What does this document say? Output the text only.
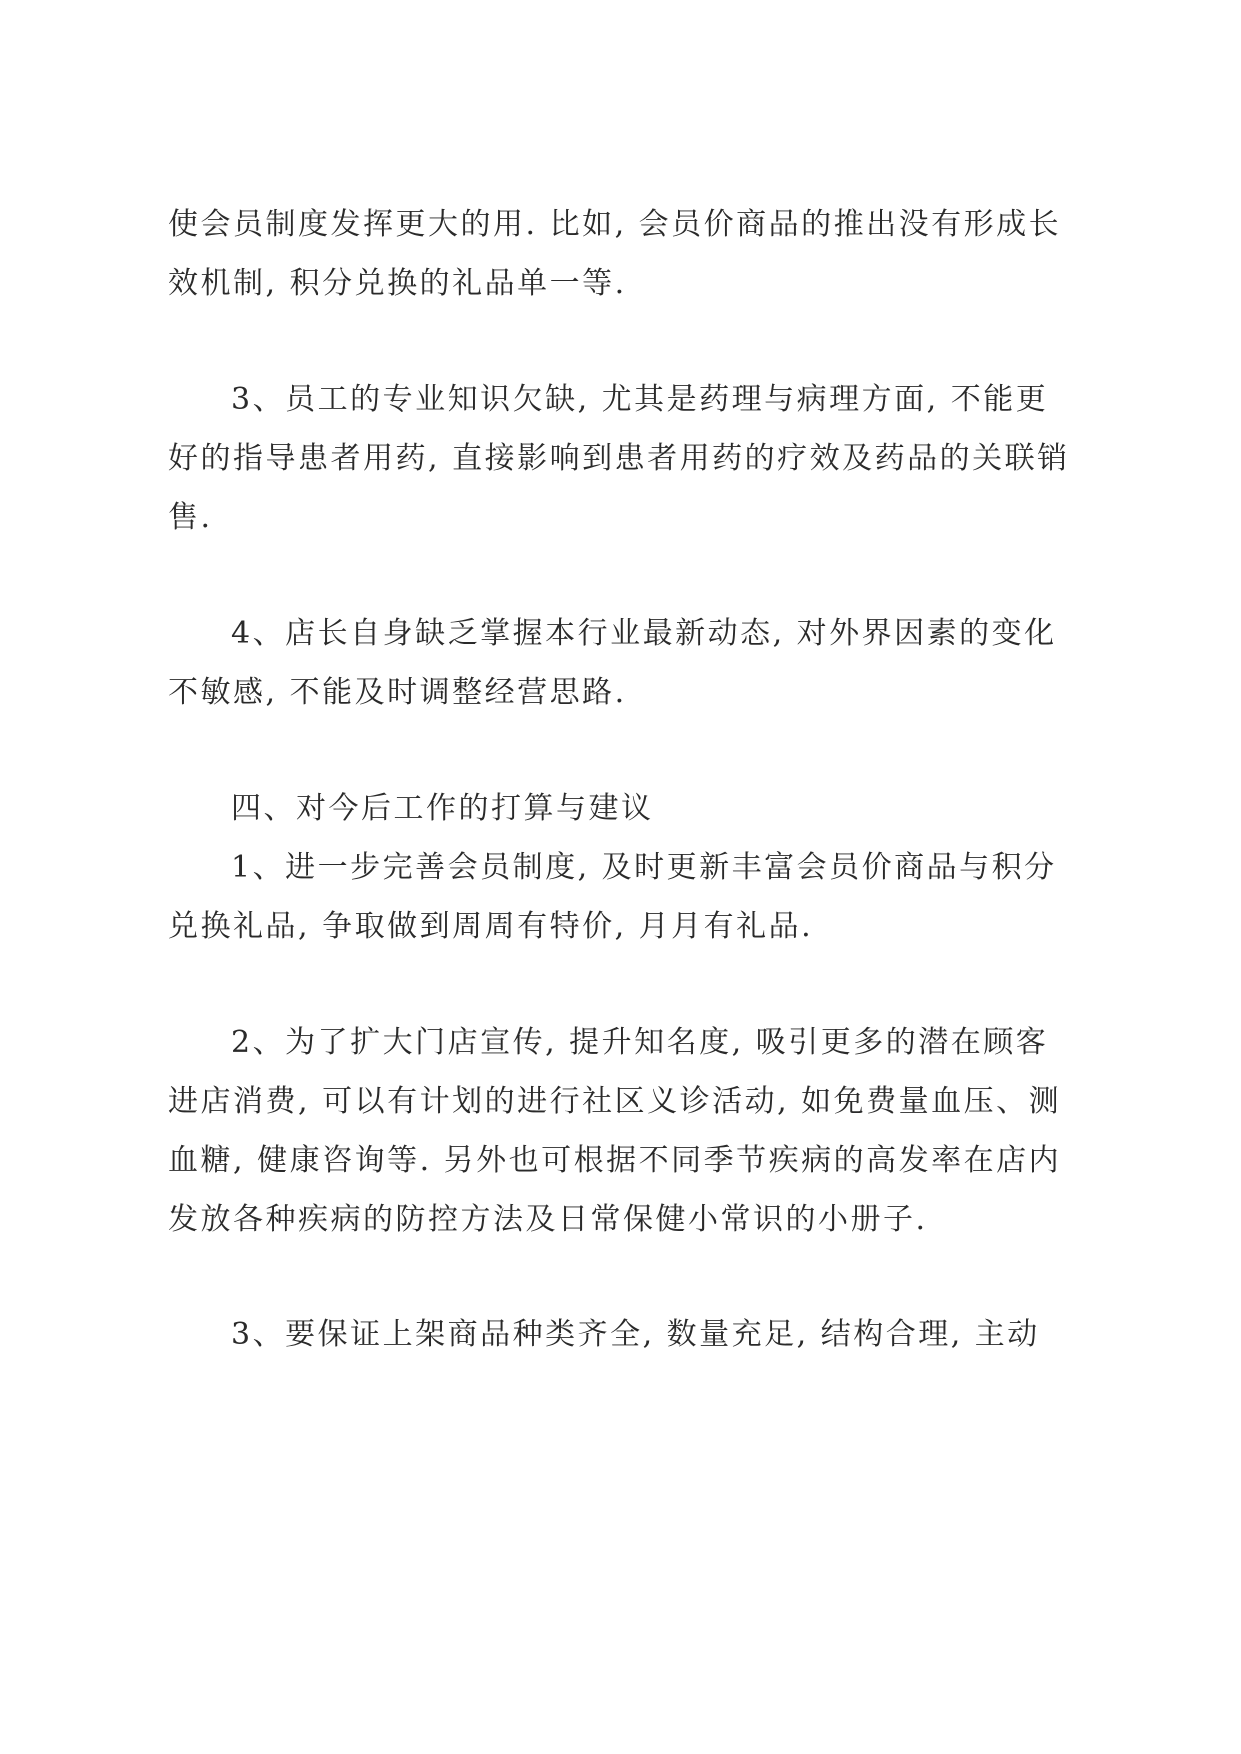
使会员制度发挥更大的用. 比如, 会员价商品的推出没有形成长
效机制, 积分兑换的礼品单一等.
3、员工的专业知识欠缺, 尤其是药理与病理方面, 不能更
好的指导患者用药, 直接影响到患者用药的疗效及药品的关联销
售.
4、店长自身缺乏掌握本行业最新动态, 对外界因素的变化
不敏感, 不能及时调整经营思路.
四、对今后工作的打算与建议
1、进一步完善会员制度, 及时更新丰富会员价商品与积分
兑换礼品, 争取做到周周有特价, 月月有礼品.
2、为了扩大门店宣传, 提升知名度, 吸引更多的潜在顾客
进店消费, 可以有计划的进行社区义诊活动, 如免费量血压、测
血糖, 健康咨询等. 另外也可根据不同季节疾病的高发率在店内
发放各种疾病的防控方法及日常保健小常识的小册子.
3、要保证上架商品种类齐全, 数量充足, 结构合理, 主动
